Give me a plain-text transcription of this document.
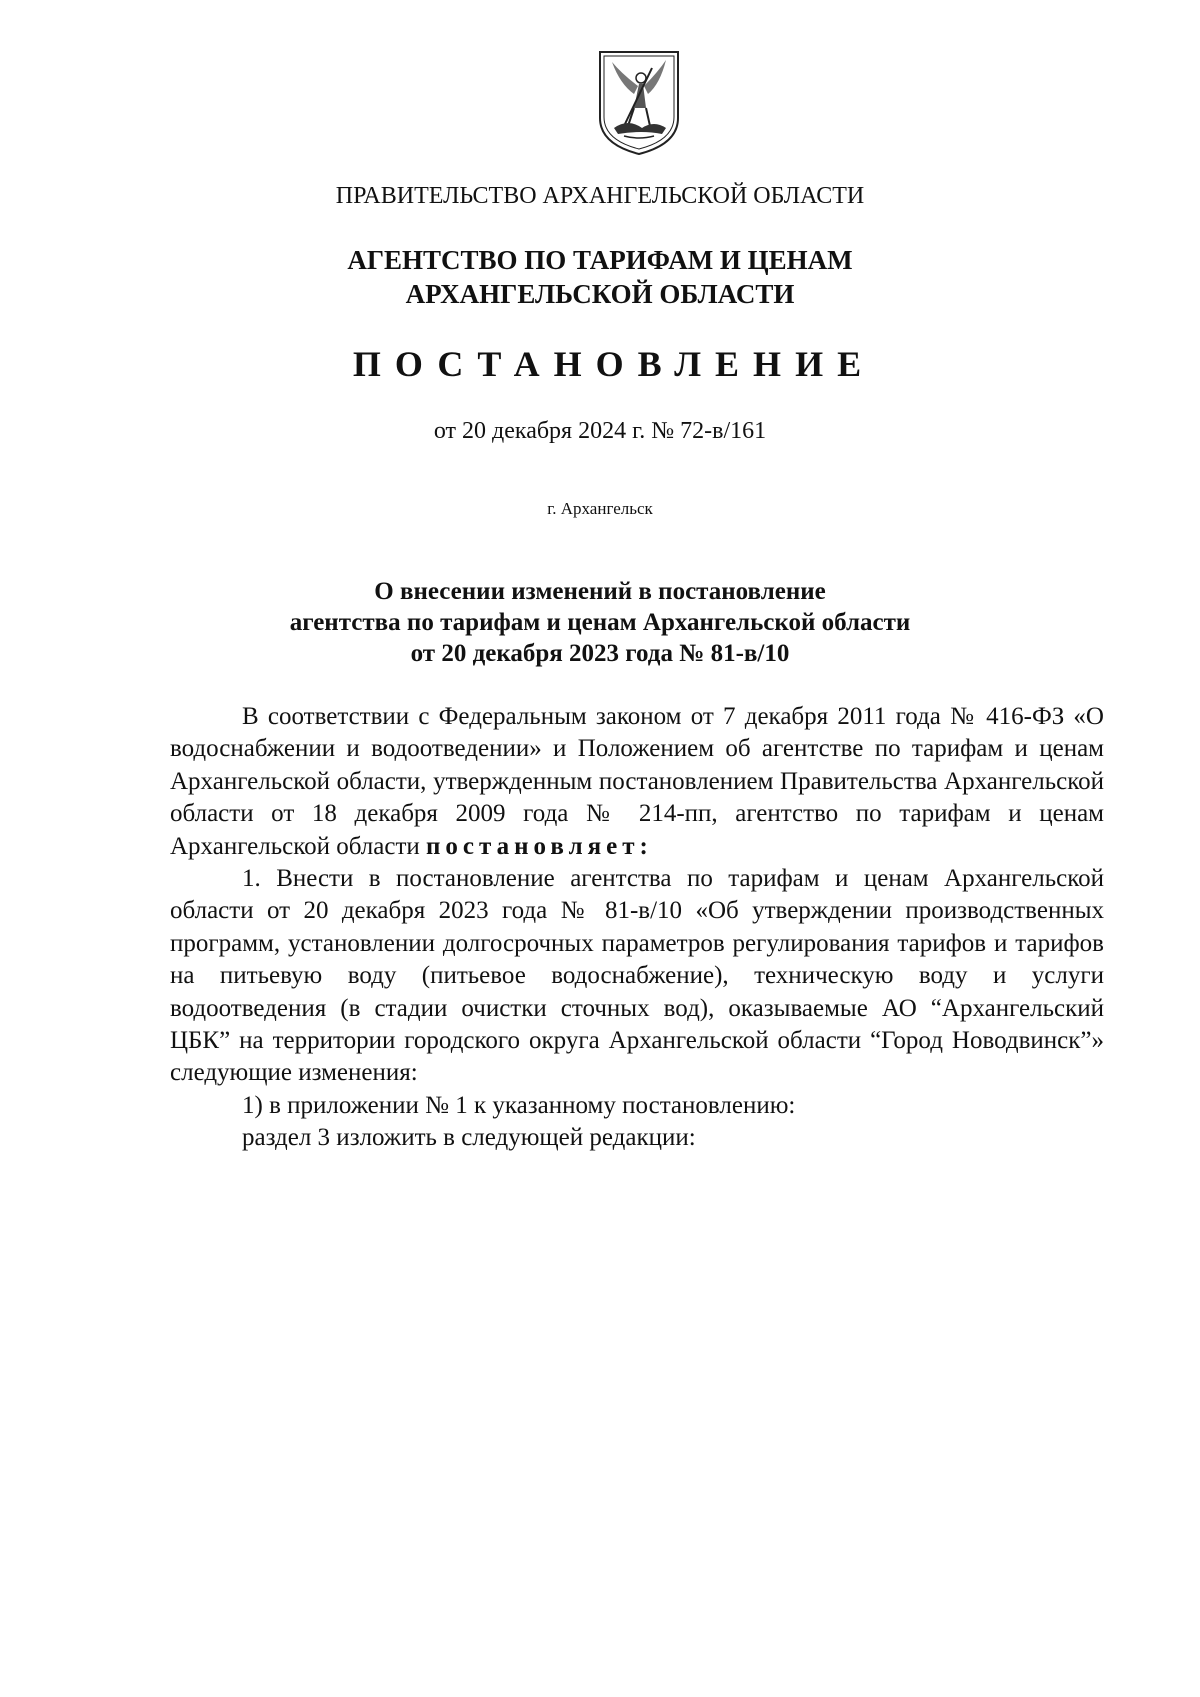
ПРАВИТЕЛЬСТВО АРХАНГЕЛЬСКОЙ ОБЛАСТИ
АГЕНТСТВО ПО ТАРИФАМ И ЦЕНАМ
АРХАНГЕЛЬСКОЙ ОБЛАСТИ
ПОСТАНОВЛЕНИЕ
от 20 декабря 2024 г. № 72-в/161
г. Архангельск
О внесении изменений в постановление
агентства по тарифам и ценам Архангельской области
от 20 декабря 2023 года № 81-в/10

В соответствии с Федеральным законом от 7 декабря 2011 года № 416-ФЗ «О водоснабжении и водоотведении» и Положением об агентстве по тарифам и ценам Архангельской области, утвержденным постановлением Правительства Архангельской области от 18 декабря 2009 года № 214-пп, агентство по тарифам и ценам Архангельской области постановляет:

1. Внести в постановление агентства по тарифам и ценам Архангельской области от 20 декабря 2023 года № 81-в/10 «Об утверждении производственных программ, установлении долгосрочных параметров регулирования тарифов и тарифов на питьевую воду (питьевое водоснабжение), техническую воду и услуги водоотведения (в стадии очистки сточных вод), оказываемые АО “Архангельский ЦБК” на территории городского округа Архангельской области “Город Новодвинск”» следующие изменения:

1) в приложении № 1 к указанному постановлению:

раздел 3 изложить в следующей редакции:
